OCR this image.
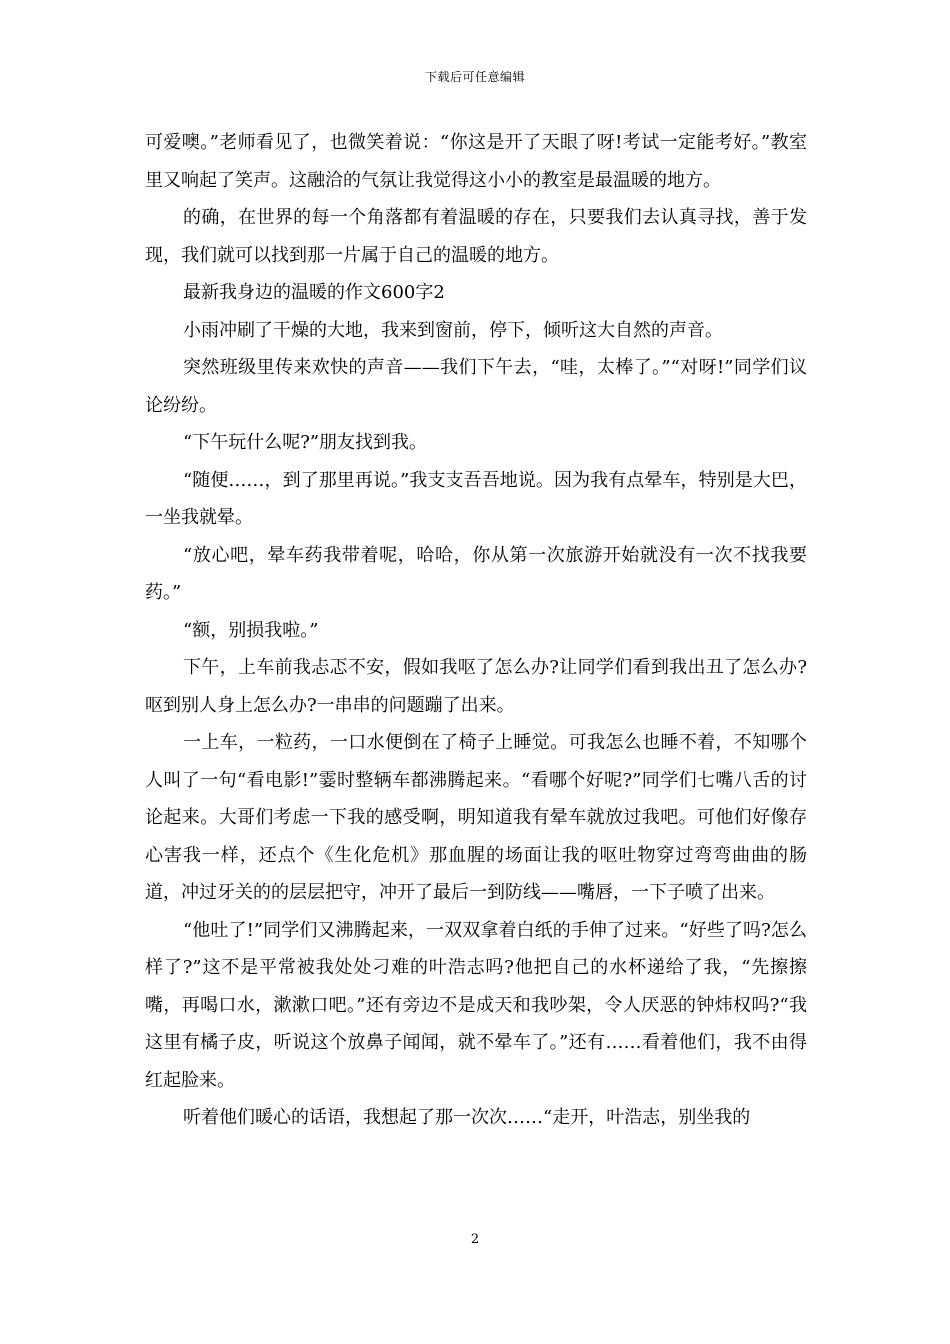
下载后可任意编辑

可爱噢。”老师看见了，也微笑着说：“你这是开了天眼了呀!考试一定能考好。”教室里又响起了笑声。这融洽的气氛让我觉得这小小的教室是最温暖的地方。

的确，在世界的每一个角落都有着温暖的存在，只要我们去认真寻找，善于发现，我们就可以找到那一片属于自己的温暖的地方。

最新我身边的温暖的作文600字2

小雨冲刷了干燥的大地，我来到窗前，停下，倾听这大自然的声音。

突然班级里传来欢快的声音——我们下午去，“哇，太棒了。”“对呀!”同学们议论纷纷。

“下午玩什么呢?”朋友找到我。

“随便……，到了那里再说。”我支支吾吾地说。因为我有点晕车，特别是大巴，一坐我就晕。

“放心吧，晕车药我带着呢，哈哈，你从第一次旅游开始就没有一次不找我要药。”

“额，别损我啦。”

下午，上车前我忐忑不安，假如我呕了怎么办?让同学们看到我出丑了怎么办?呕到别人身上怎么办?一串串的问题蹦了出来。

一上车，一粒药，一口水便倒在了椅子上睡觉。可我怎么也睡不着，不知哪个人叫了一句“看电影!”霎时整辆车都沸腾起来。“看哪个好呢?”同学们七嘴八舌的讨论起来。大哥们考虑一下我的感受啊，明知道我有晕车就放过我吧。可他们好像存心害我一样，还点个《生化危机》那血腥的场面让我的呕吐物穿过弯弯曲曲的肠道，冲过牙关的的层层把守，冲开了最后一到防线——嘴唇，一下子喷了出来。

“他吐了!”同学们又沸腾起来，一双双拿着白纸的手伸了过来。“好些了吗?怎么样了?”这不是平常被我处处刁难的叶浩志吗?他把自己的水杯递给了我，“先擦擦嘴，再喝口水，漱漱口吧。”还有旁边不是成天和我吵架，令人厌恶的钟炜权吗?“我这里有橘子皮，听说这个放鼻子闻闻，就不晕车了。”还有……看着他们，我不由得红起脸来。

听着他们暖心的话语，我想起了那一次次……“走开，叶浩志，别坐我的

2
